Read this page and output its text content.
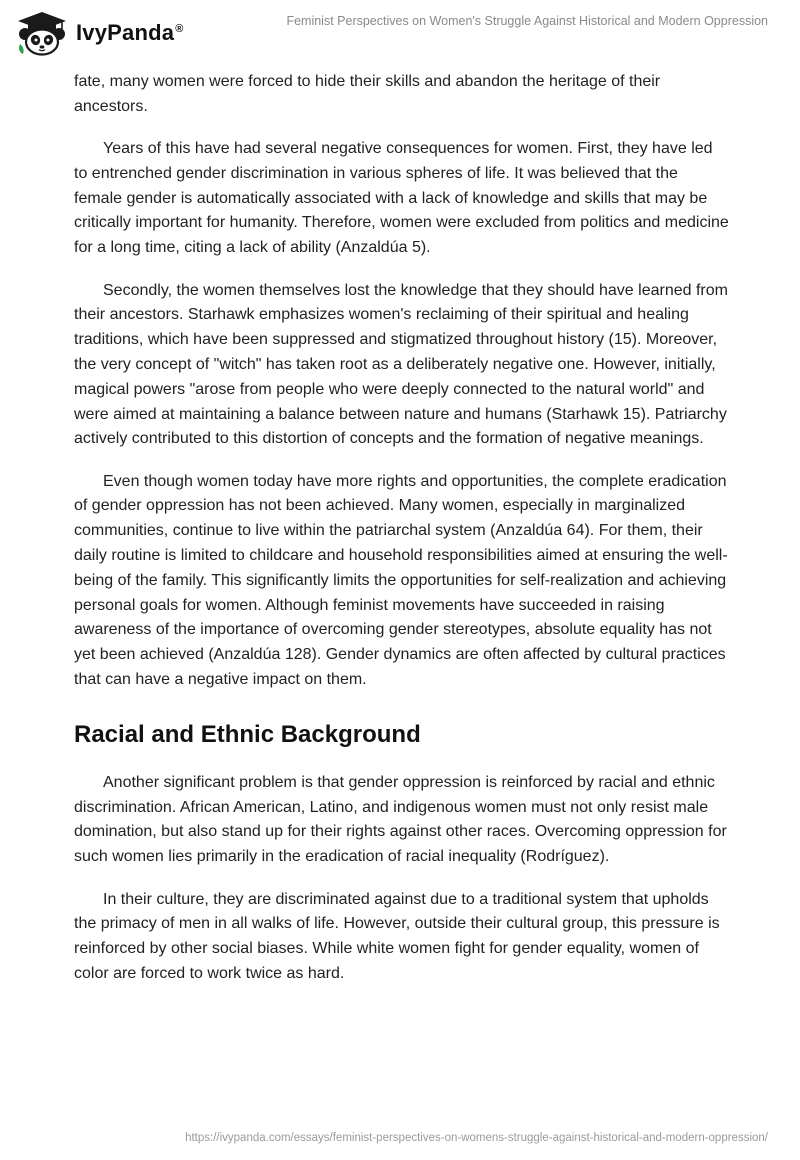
IvyPanda®
Feminist Perspectives on Women's Struggle Against Historical and Modern Oppression

fate, many women were forced to hide their skills and abandon the heritage of their ancestors.

Years of this have had several negative consequences for women. First, they have led to entrenched gender discrimination in various spheres of life. It was believed that the female gender is automatically associated with a lack of knowledge and skills that may be critically important for humanity. Therefore, women were excluded from politics and medicine for a long time, citing a lack of ability (Anzaldúa 5).

Secondly, the women themselves lost the knowledge that they should have learned from their ancestors. Starhawk emphasizes women's reclaiming of their spiritual and healing traditions, which have been suppressed and stigmatized throughout history (15). Moreover, the very concept of "witch" has taken root as a deliberately negative one. However, initially, magical powers "arose from people who were deeply connected to the natural world" and were aimed at maintaining a balance between nature and humans (Starhawk 15). Patriarchy actively contributed to this distortion of concepts and the formation of negative meanings.

Even though women today have more rights and opportunities, the complete eradication of gender oppression has not been achieved. Many women, especially in marginalized communities, continue to live within the patriarchal system (Anzaldúa 64). For them, their daily routine is limited to childcare and household responsibilities aimed at ensuring the well-being of the family. This significantly limits the opportunities for self-realization and achieving personal goals for women. Although feminist movements have succeeded in raising awareness of the importance of overcoming gender stereotypes, absolute equality has not yet been achieved (Anzaldúa 128). Gender dynamics are often affected by cultural practices that can have a negative impact on them.

Racial and Ethnic Background

Another significant problem is that gender oppression is reinforced by racial and ethnic discrimination. African American, Latino, and indigenous women must not only resist male domination, but also stand up for their rights against other races. Overcoming oppression for such women lies primarily in the eradication of racial inequality (Rodríguez).

In their culture, they are discriminated against due to a traditional system that upholds the primacy of men in all walks of life. However, outside their cultural group, this pressure is reinforced by other social biases. While white women fight for gender equality, women of color are forced to work twice as hard.

https://ivypanda.com/essays/feminist-perspectives-on-womens-struggle-against-historical-and-modern-oppression/
